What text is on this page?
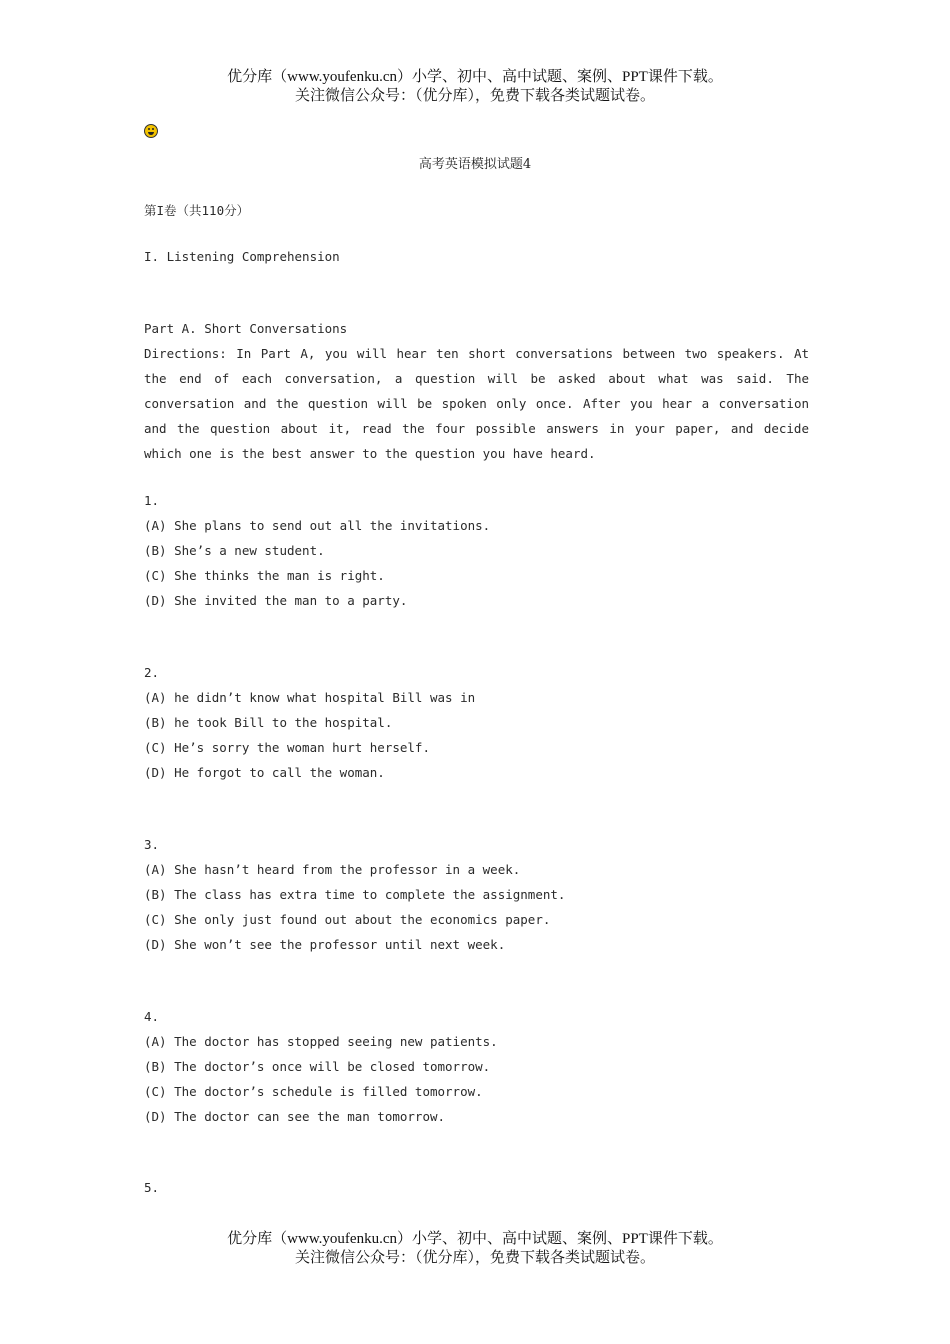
优分库（www.youfenku.cn）小学、初中、高中试题、案例、PPT课件下载。
关注微信公众号：（优分库），免费下载各类试题试卷。
高考英语模拟试题4
第I卷（共110分）
I. Listening Comprehension
Part A. Short Conversations
Directions: In Part A, you will hear ten short conversations between two speakers. At the end of each conversation, a question will be asked about what was said. The conversation and the question will be spoken only once. After you hear a conversation and the question about it, read the four possible answers in your paper, and decide which one is the best answer to the question you have heard.
1.
(A) She plans to send out all the invitations.
(B) She’s a new student.
(C) She thinks the man is right.
(D) She invited the man to a party.
2.
(A) he didn’t know what hospital Bill was in
(B) he took Bill to the hospital.
(C) He’s sorry the woman hurt herself.
(D) He forgot to call the woman.
3.
(A) She hasn’t heard from the professor in a week.
(B) The class has extra time to complete the assignment.
(C) She only just found out about the economics paper.
(D) She won’t see the professor until next week.
4.
(A) The doctor has stopped seeing new patients.
(B) The doctor’s once will be closed tomorrow.
(C) The doctor’s schedule is filled tomorrow.
(D) The doctor can see the man tomorrow.
5.
优分库（www.youfenku.cn）小学、初中、高中试题、案例、PPT课件下载。
关注微信公众号：（优分库），免费下载各类试题试卷。
